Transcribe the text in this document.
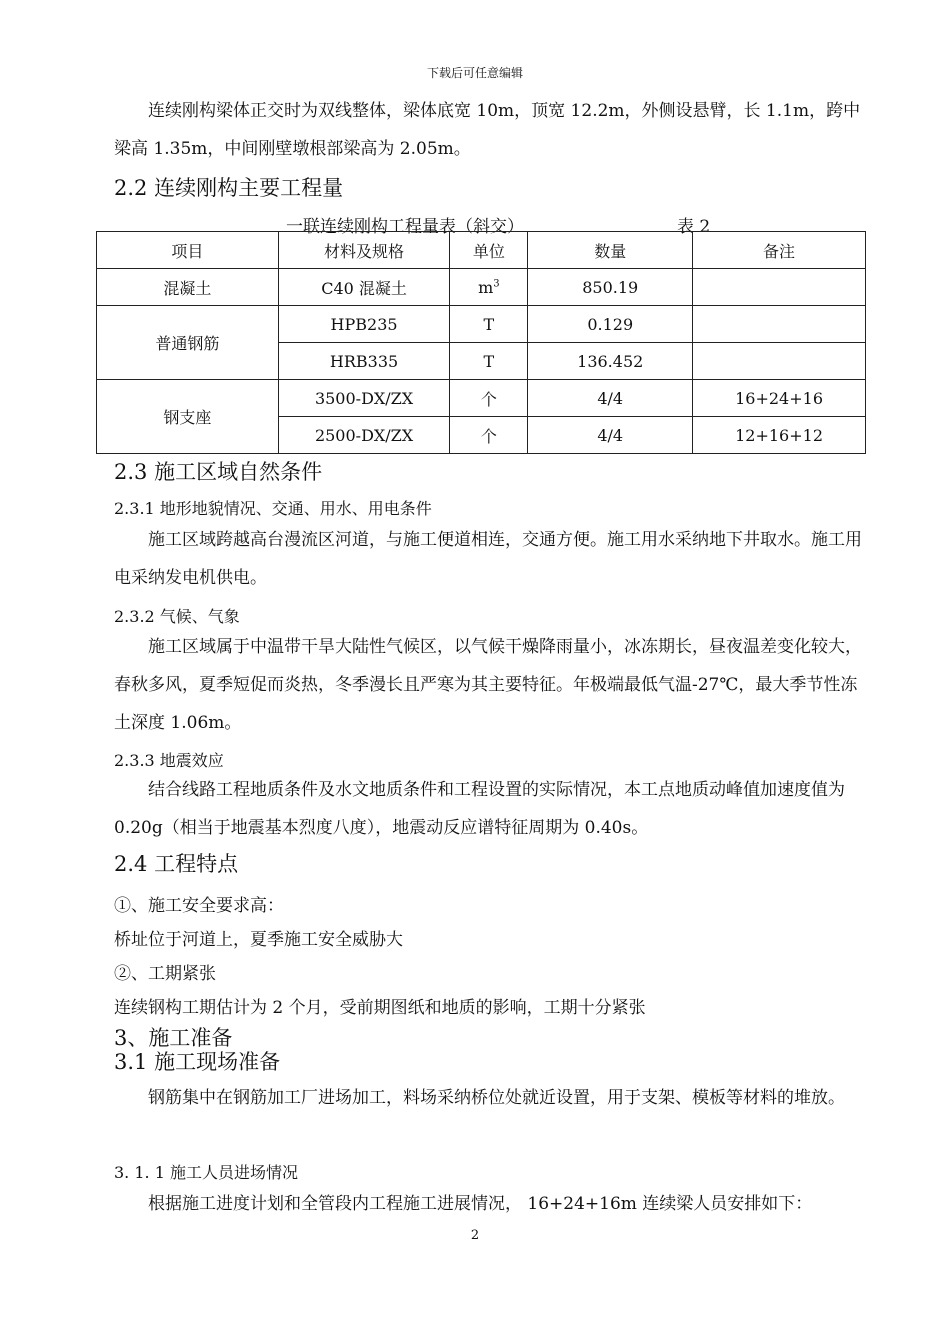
下载后可任意编辑
连续刚构梁体正交时为双线整体，梁体底宽 10m，顶宽 12.2m，外侧设悬臂，长 1.1m，跨中梁高 1.35m，中间刚壁墩根部梁高为 2.05m。
2.2 连续刚构主要工程量
一联连续刚构工程量表（斜交）	表 2
项目	材料及规格	单位	数量	备注
混凝土	C40 混凝土	$m^3$	850.19	
普通钢筋	HPB235	T	0.129	
	HRB335	T	136.452	
钢支座	3500-DX/ZX	个	4/4	16+24+16
	2500-DX/ZX	个	4/4	12+16+12
2.3 施工区域自然条件
2.3.1 地形地貌情况、交通、用水、用电条件
施工区域跨越高台漫流区河道，与施工便道相连，交通方便。施工用水采纳地下井取水。施工用电采纳发电机供电。
2.3.2 气候、气象
施工区域属于中温带干旱大陆性气候区，以气候干燥降雨量小，冰冻期长，昼夜温差变化较大，春秋多风，夏季短促而炎热，冬季漫长且严寒为其主要特征。年极端最低气温-27℃，最大季节性冻土深度 1.06m。
2.3.3 地震效应
结合线路工程地质条件及水文地质条件和工程设置的实际情况，本工点地质动峰值加速度值为 0.20g（相当于地震基本烈度八度），地震动反应谱特征周期为 0.40s。
2.4 工程特点
①、施工安全要求高：
桥址位于河道上，夏季施工安全威胁大
②、工期紧张
连续钢构工期估计为 2 个月，受前期图纸和地质的影响，工期十分紧张
3、施工准备
3.1 施工现场准备
钢筋集中在钢筋加工厂进场加工，料场采纳桥位处就近设置，用于支架、模板等材料的堆放。
3. 1. 1 施工人员进场情况
根据施工进度计划和全管段内工程施工进展情况， 16+24+16m 连续梁人员安排如下：
2
